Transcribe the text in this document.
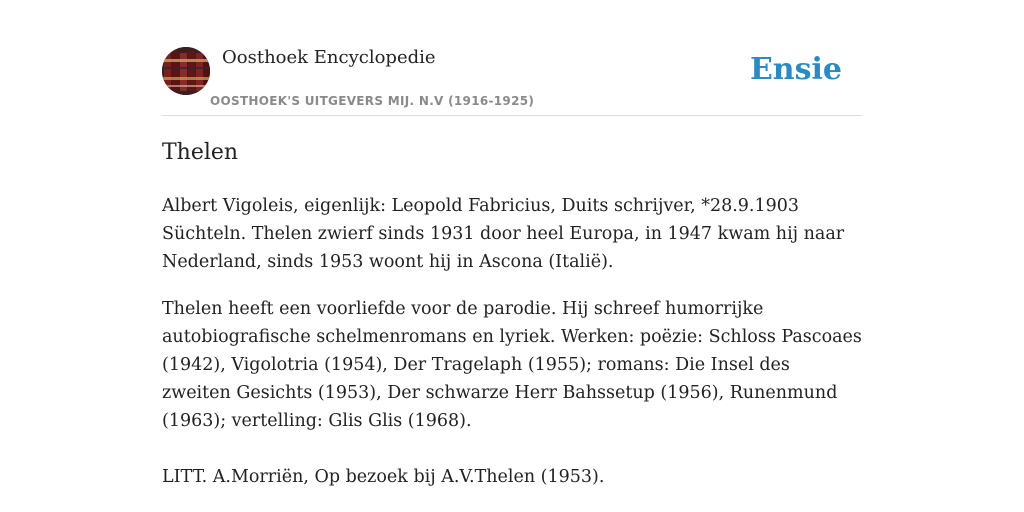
Oosthoek Encyclopedie
OOSTHOEK'S UITGEVERS MIJ. N.V (1916-1925)
Ensie
Thelen

Albert Vigoleis, eigenlijk: Leopold Fabricius, Duits schrijver, *28.9.1903 Süchteln. Thelen zwierf sinds 1931 door heel Europa, in 1947 kwam hij naar Nederland, sinds 1953 woont hij in Ascona (Italië).

Thelen heeft een voorliefde voor de parodie. Hij schreef humorrijke autobiografische schelmenromans en lyriek. Werken: poëzie: Schloss Pascoaes (1942), Vigolotria (1954), Der Tragelaph (1955); romans: Die Insel des zweiten Gesichts (1953), Der schwarze Herr Bahssetup (1956), Runenmund (1963); vertelling: Glis Glis (1968).

LITT. A.Morriën, Op bezoek bij A.V.Thelen (1953).
